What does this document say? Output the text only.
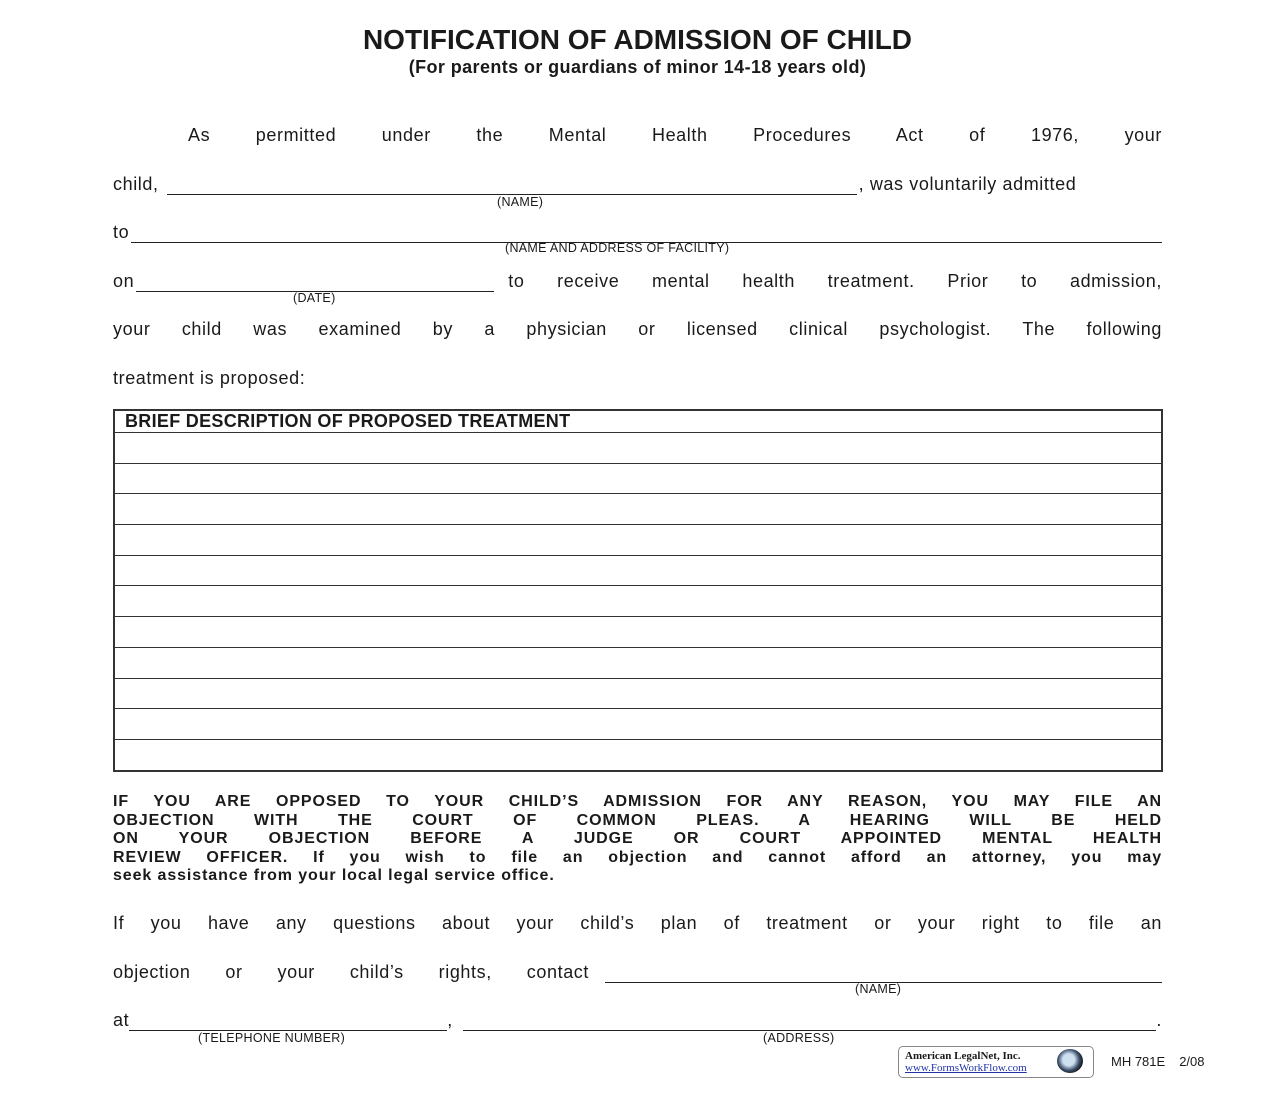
NOTIFICATION OF ADMISSION OF CHILD
(For parents or guardians of minor 14-18 years old)
As permitted under the Mental Health Procedures Act of 1976, your
child,	, was voluntarily admitted
(NAME)
to
(NAME AND ADDRESS OF FACILITY)
on	to receive mental health treatment. Prior to admission,
(DATE)
your child was examined by a physician or licensed clinical psychologist. The following
treatment is proposed:
BRIEF DESCRIPTION OF PROPOSED TREATMENT

IF YOU ARE OPPOSED TO YOUR CHILD’S ADMISSION FOR ANY REASON, YOU MAY FILE AN

OBJECTION WITH THE COURT OF COMMON PLEAS. A HEARING WILL BE HELD

ON YOUR OBJECTION BEFORE A JUDGE OR COURT APPOINTED MENTAL HEALTH

REVIEW OFFICER. If you wish to file an objection and cannot afford an attorney, you may

seek assistance from your local legal service office.

If you have any questions about your child’s plan of treatment or your right to file an
objection or your child’s rights, contact
(NAME)
at	,	.
(TELEPHONE NUMBER)	(ADDRESS)
American LegalNet, Inc.
www.FormsWorkFlow.com	MH 781E 2/08
